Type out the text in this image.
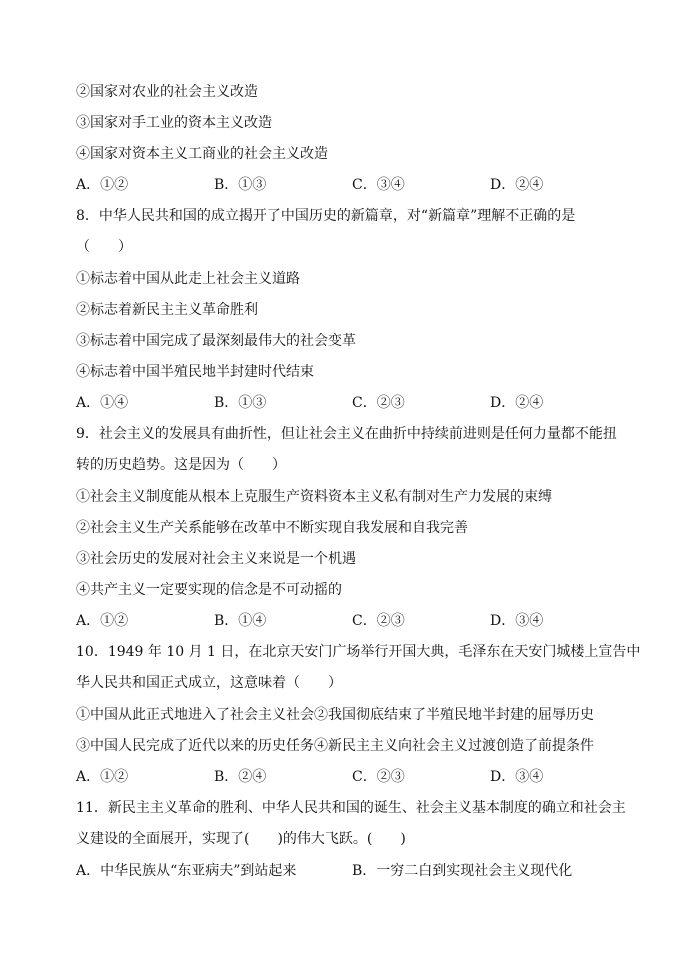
②国家对农业的社会主义改造
③国家对手工业的资本主义改造
④国家对资本主义工商业的社会主义改造
A．①②	B．①③	C．③④	D．②④
8．中华人民共和国的成立揭开了中国历史的新篇章，对“新篇章”理解不正确的是
（　　）
①标志着中国从此走上社会主义道路
②标志着新民主主义革命胜利
③标志着中国完成了最深刻最伟大的社会变革
④标志着中国半殖民地半封建时代结束
A．①④	B．①③	C．②③	D．②④
9．社会主义的发展具有曲折性，但让社会主义在曲折中持续前进则是任何力量都不能扭
转的历史趋势。这是因为（　　）
①社会主义制度能从根本上克服生产资料资本主义私有制对生产力发展的束缚
②社会主义生产关系能够在改革中不断实现自我发展和自我完善
③社会历史的发展对社会主义来说是一个机遇
④共产主义一定要实现的信念是不可动摇的
A．①②	B．①④	C．②③	D．③④
10．1949 年 10 月 1 日，在北京天安门广场举行开国大典，毛泽东在天安门城楼上宣告中
华人民共和国正式成立，这意味着（　　）
①中国从此正式地进入了社会主义社会②我国彻底结束了半殖民地半封建的屈辱历史
③中国人民完成了近代以来的历史任务④新民主主义向社会主义过渡创造了前提条件
A．①②	B．②④	C．②③	D．③④
11．新民主主义革命的胜利、中华人民共和国的诞生、社会主义基本制度的确立和社会主
义建设的全面展开，实现了(　　)的伟大飞跃。(　　)
A．中华民族从“东亚病夫”到站起来	B．一穷二白到实现社会主义现代化
